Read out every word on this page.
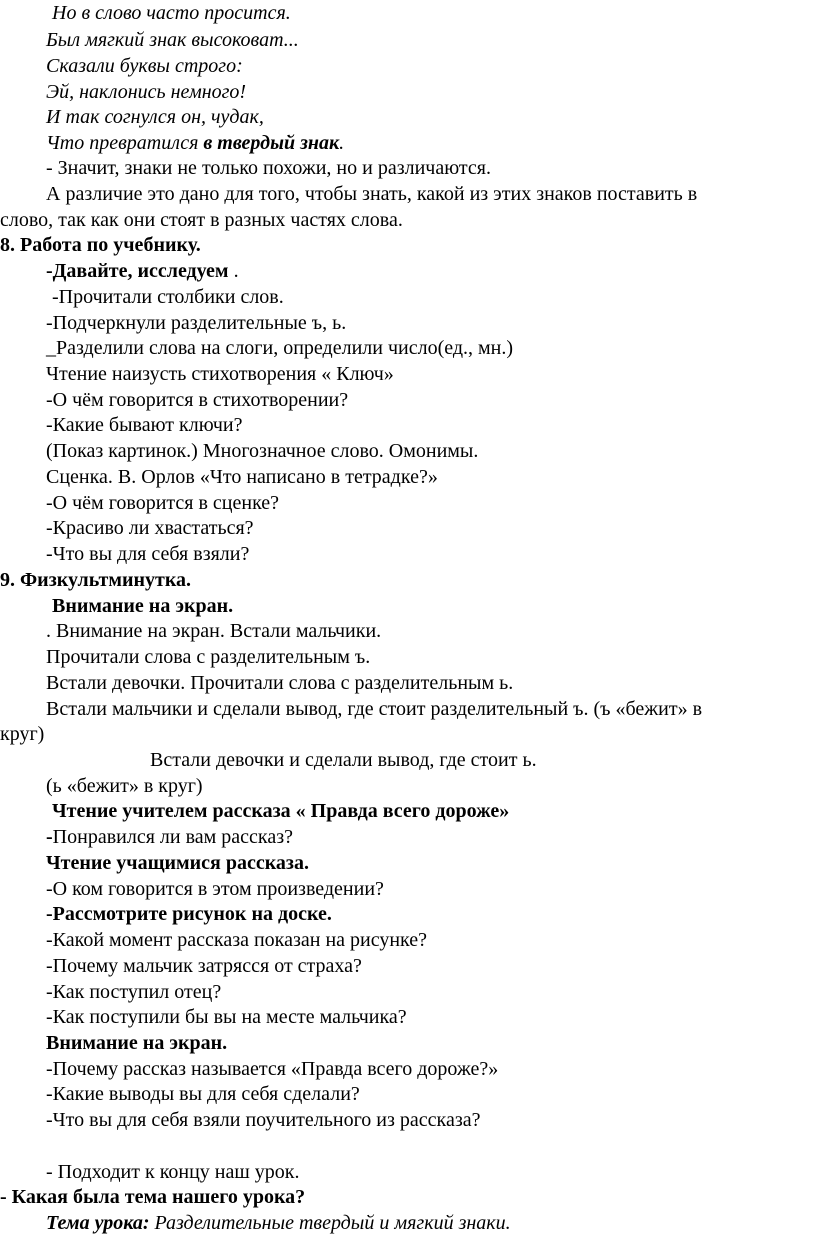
Но в слово часто просится.
Был мягкий знак высоковат...
Сказали буквы строго:
Эй, наклонись немного!
И так согнулся он, чудак,
Что превратился в твердый знак.
- Значит, знаки не только похожи, но и различаются.
А различие это дано для того, чтобы знать, какой из этих знаков поставить в
слово, так как они стоят в разных частях слова.
8. Работа по учебнику.
-Давайте, исследуем .
-Прочитали столбики слов.
-Подчеркнули разделительные ъ, ь.
_Разделили слова на слоги, определили число(ед., мн.)
Чтение наизусть стихотворения « Ключ»
-О чём говорится в стихотворении?
-Какие бывают ключи?
(Показ картинок.) Многозначное слово. Омонимы.
Сценка. В. Орлов «Что написано в тетрадке?»
-О чём говорится в сценке?
-Красиво ли хвастаться?
-Что вы для себя взяли?
9. Физкультминутка.
Внимание на экран.
. Внимание на экран. Встали мальчики.
Прочитали слова с разделительным ъ.
Встали девочки. Прочитали слова с разделительным ь.
Встали мальчики и сделали вывод, где стоит разделительный ъ. (ъ «бежит» в
круг)
Встали девочки и сделали вывод, где стоит ь.
(ь «бежит» в круг)
Чтение учителем рассказа « Правда всего дороже»
-Понравился ли вам рассказ?
Чтение учащимися рассказа.
-О ком говорится в этом произведении?
-Рассмотрите рисунок на доске.
-Какой момент рассказа показан на рисунке?
-Почему мальчик затрясся от страха?
-Как поступил отец?
-Как поступили бы вы на месте мальчика?
Внимание на экран.
-Почему рассказ называется «Правда всего дороже?»
-Какие выводы вы для себя сделали?
-Что вы для себя взяли поучительного из рассказа?
- Подходит к концу наш урок.
- Какая была тема нашего урока?
Тема урока: Разделительные твердый и мягкий знаки.
